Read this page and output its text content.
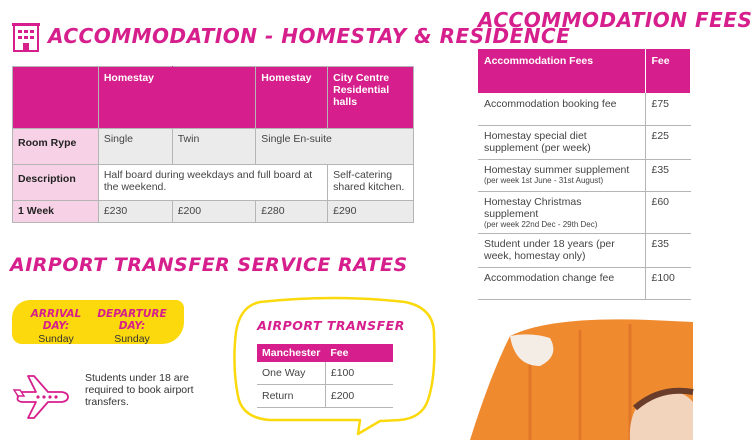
ACCOMMODATION - HOMESTAY & RESIDENCE
	Homestay		Homestay	City Centre Residential halls
Room Rype	Single	Twin	Single En-suite	
Description	Half board during weekdays and full board at the weekend.			Self-catering shared kitchen.
1 Week	£230	£200	£280	£290
ACCOMMODATION FEES
Accommodation Fees	Fee
Accommodation booking fee	£75
Homestay special diet supplement (per week)	£25
Homestay summer supplement
(per week 1st June - 31st August)	£35
Homestay Christmas supplement
(per week 22nd Dec - 29th Dec)	£60
Student under 18 years (per week, homestay only)	£35
Accommodation change fee	£100
AIRPORT TRANSFER SERVICE RATES
ARRIVAL DAY:
Sunday
DEPARTURE DAY:
Sunday
Students under 18 are required to book airport transfers.
AIRPORT TRANSFER
Manchester	Fee
One Way	£100
Return	£200
